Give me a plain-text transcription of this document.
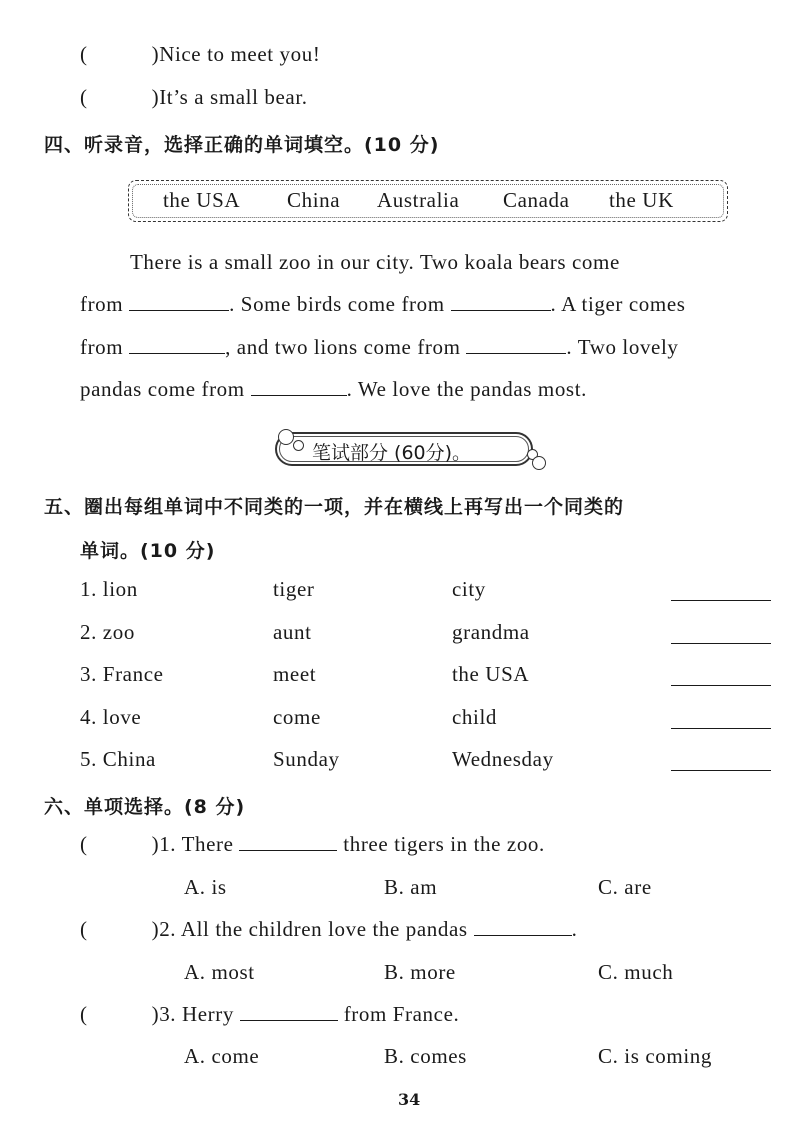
(	)Nice to meet you!
(	)It’s a small bear.
四、听录音，选择正确的单词填空。(10 分)
the USA China Australia Canada the UK
There is a small zoo in our city. Two koala bears come
from	. Some birds come from	. A tiger comes
from	, and two lions come from	. Two lovely
pandas come from	. We love the pandas most.
笔试部分 (60分)。
五、圈出每组单词中不同类的一项，并在横线上再写出一个同类的
单词。(10 分)
1. lion	tiger	city
2. zoo	aunt	grandma
3. France	meet	the USA
4. love	come	child
5. China	Sunday	Wednesday
六、单项选择。(8 分)
(	)1. There	three tigers in the zoo.
A. is	B. am	C. are
(	)2. All the children love the pandas	.
A. most	B. more	C. much
(	)3. Herry	from France.
A. come	B. comes	C. is coming
34
